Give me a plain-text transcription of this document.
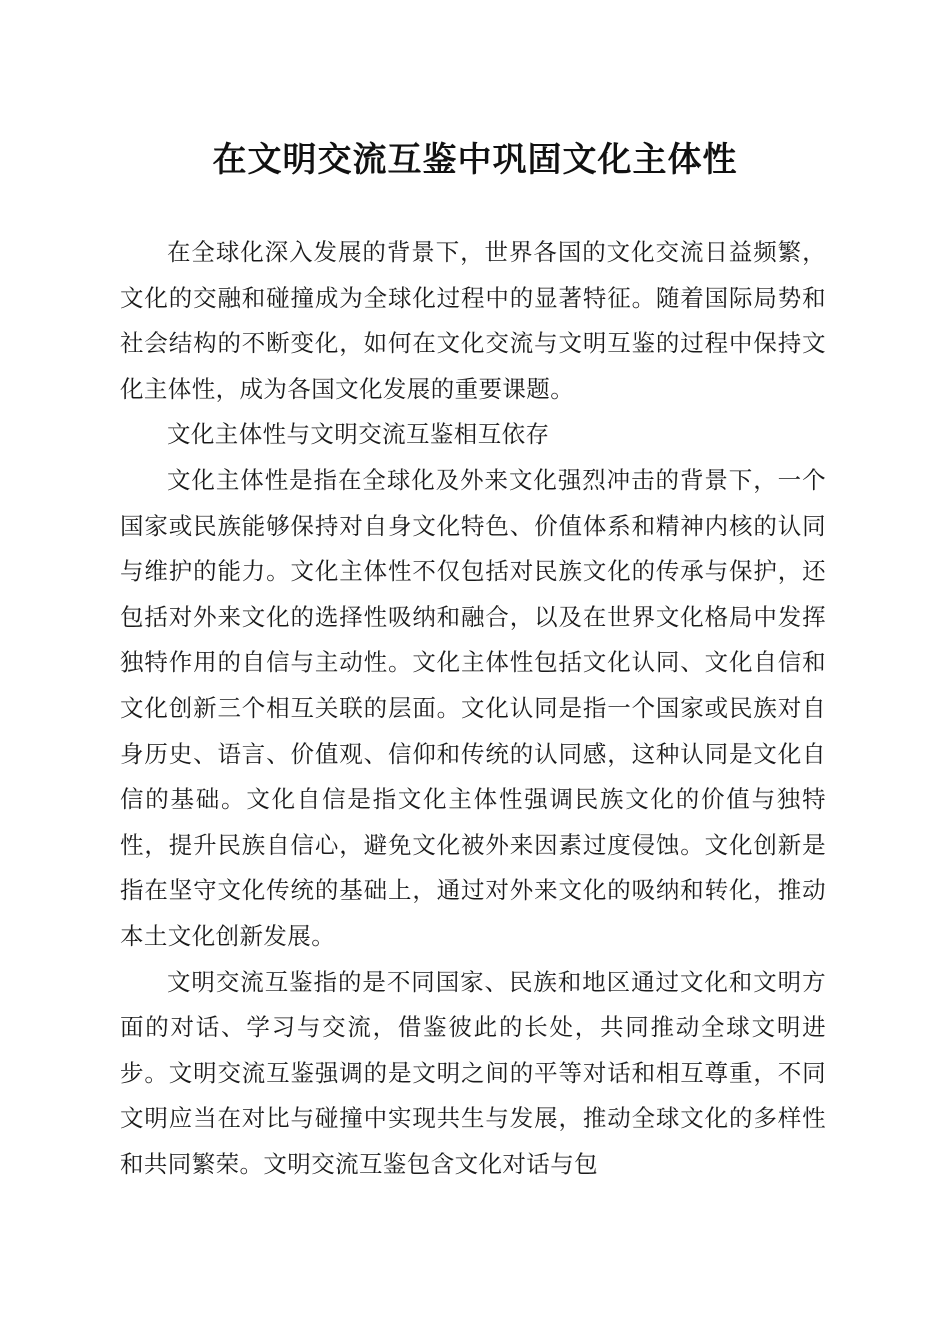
在文明交流互鉴中巩固文化主体性

在全球化深入发展的背景下，世界各国的文化交流日益频繁，文化的交融和碰撞成为全球化过程中的显著特征。随着国际局势和社会结构的不断变化，如何在文化交流与文明互鉴的过程中保持文化主体性，成为各国文化发展的重要课题。

文化主体性与文明交流互鉴相互依存

文化主体性是指在全球化及外来文化强烈冲击的背景下，一个国家或民族能够保持对自身文化特色、价值体系和精神内核的认同与维护的能力。文化主体性不仅包括对民族文化的传承与保护，还包括对外来文化的选择性吸纳和融合，以及在世界文化格局中发挥独特作用的自信与主动性。文化主体性包括文化认同、文化自信和文化创新三个相互关联的层面。文化认同是指一个国家或民族对自身历史、语言、价值观、信仰和传统的认同感，这种认同是文化自信的基础。文化自信是指文化主体性强调民族文化的价值与独特性，提升民族自信心，避免文化被外来因素过度侵蚀。文化创新是指在坚守文化传统的基础上，通过对外来文化的吸纳和转化，推动本土文化创新发展。

文明交流互鉴指的是不同国家、民族和地区通过文化和文明方面的对话、学习与交流，借鉴彼此的长处，共同推动全球文明进步。文明交流互鉴强调的是文明之间的平等对话和相互尊重，不同文明应当在对比与碰撞中实现共生与发展，推动全球文化的多样性和共同繁荣。文明交流互鉴包含文化对话与包
